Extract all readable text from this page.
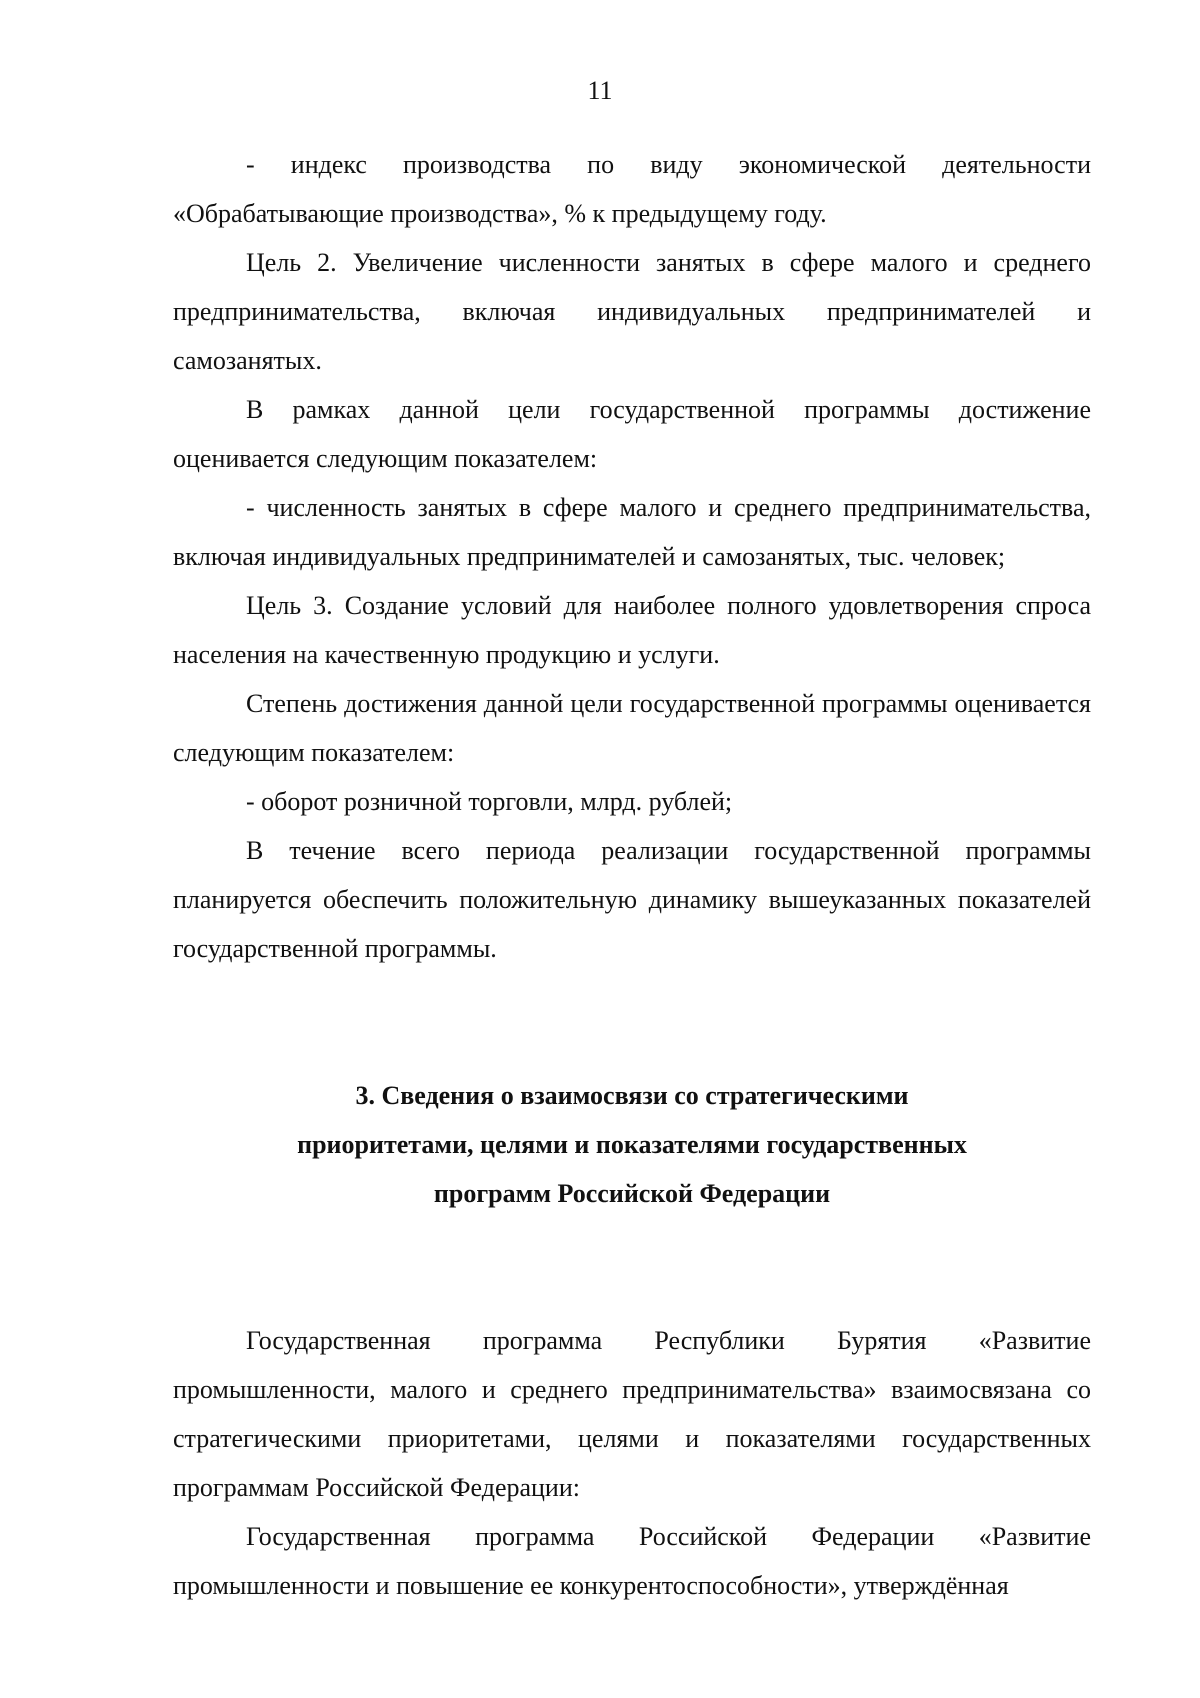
11

- индекс производства по виду экономической деятельности «Обрабатывающие производства», % к предыдущему году.

Цель 2. Увеличение численности занятых в сфере малого и среднего предпринимательства, включая индивидуальных предпринимателей и самозанятых.

В рамках данной цели государственной программы достижение оценивается следующим показателем:

- численность занятых в сфере малого и среднего предпринимательства, включая индивидуальных предпринимателей и самозанятых, тыс. человек;

Цель 3. Создание условий для наиболее полного удовлетворения спроса населения на качественную продукцию и услуги.

Степень достижения данной цели государственной программы оценивается следующим показателем:

- оборот розничной торговли, млрд. рублей;

В течение всего периода реализации государственной программы планируется обеспечить положительную динамику вышеуказанных показателей государственной программы.

3. Сведения о взаимосвязи со стратегическими

приоритетами, целями и показателями государственных

программ Российской Федерации

Государственная программа Республики Бурятия «Развитие промышленности, малого и среднего предпринимательства» взаимосвязана со стратегическими приоритетами, целями и показателями государственных программам Российской Федерации:

Государственная программа Российской Федерации «Развитие промышленности и повышение ее конкурентоспособности», утверждённая
